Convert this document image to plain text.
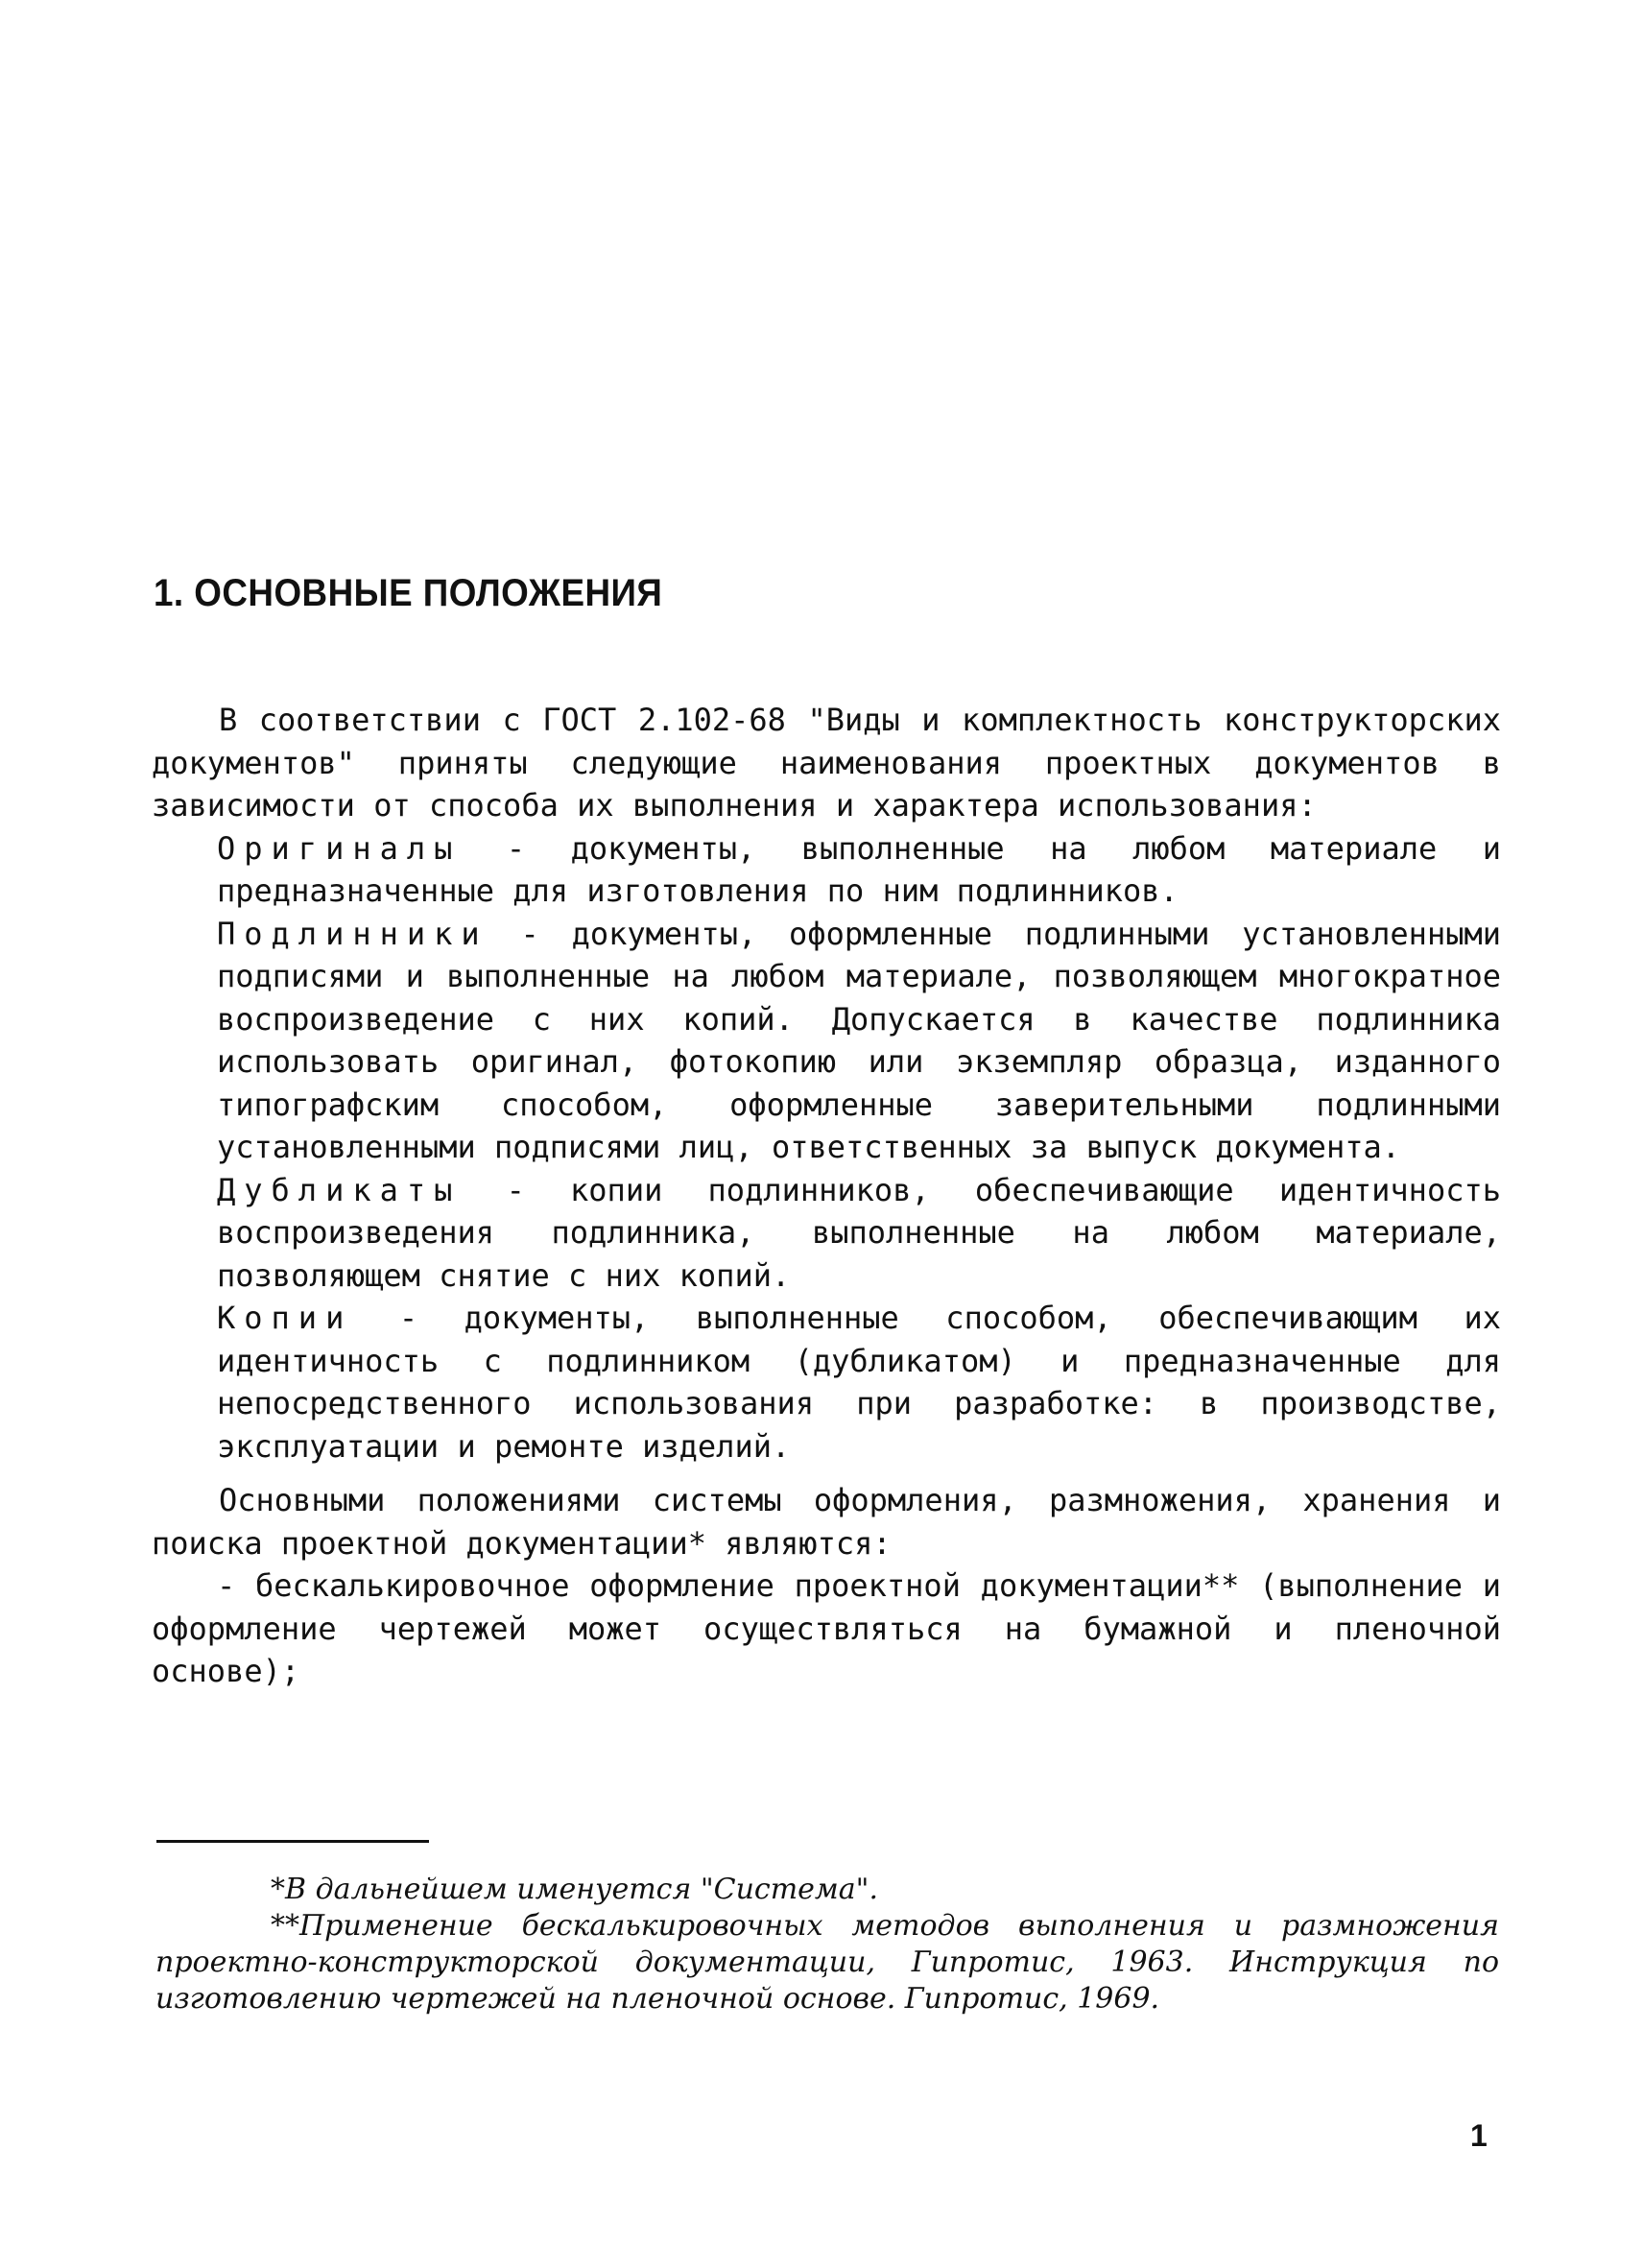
1. ОСНОВНЫЕ ПОЛОЖЕНИЯ

В соответствии с ГОСТ 2.102-68 "Виды и комплектность конструкторских документов" приняты следующие наименования проектных документов в зависимости от способа их выполнения и характера использования:

Оригиналы - документы, выполненные на любом материале и предназначенные для изготовления по ним подлинников.

Подлинники - документы, оформленные подлинными установленными подписями и выполненные на любом материале, позволяющем многократное воспроизведение с них копий. Допускается в качестве подлинника использовать оригинал, фотокопию или экземпляр образца, изданного типографским способом, оформленные заверительными подлинными установленными подписями лиц, ответственных за выпуск документа.

Дубликаты - копии подлинников, обеспечивающие идентичность воспроизведения подлинника, выполненные на любом материале, позволяющем снятие с них копий.

Копии - документы, выполненные способом, обеспечивающим их идентичность с подлинником (дубликатом) и предназначенные для непосредственного использования при разработке: в производстве, эксплуатации и ремонте изделий.

Основными положениями системы оформления, размножения, хранения и поиска проектной документации* являются:

- бескалькировочное оформление проектной документации** (выполнение и оформление чертежей может осуществляться на бумажной и пленочной основе);

*В дальнейшем именуется "Система".

**Применение бескалькировочных методов выполнения и размножения проектно-конструкторской документации, Гипротис, 1963. Инструкция по изготовлению чертежей на пленочной основе. Гипротис, 1969.

1
